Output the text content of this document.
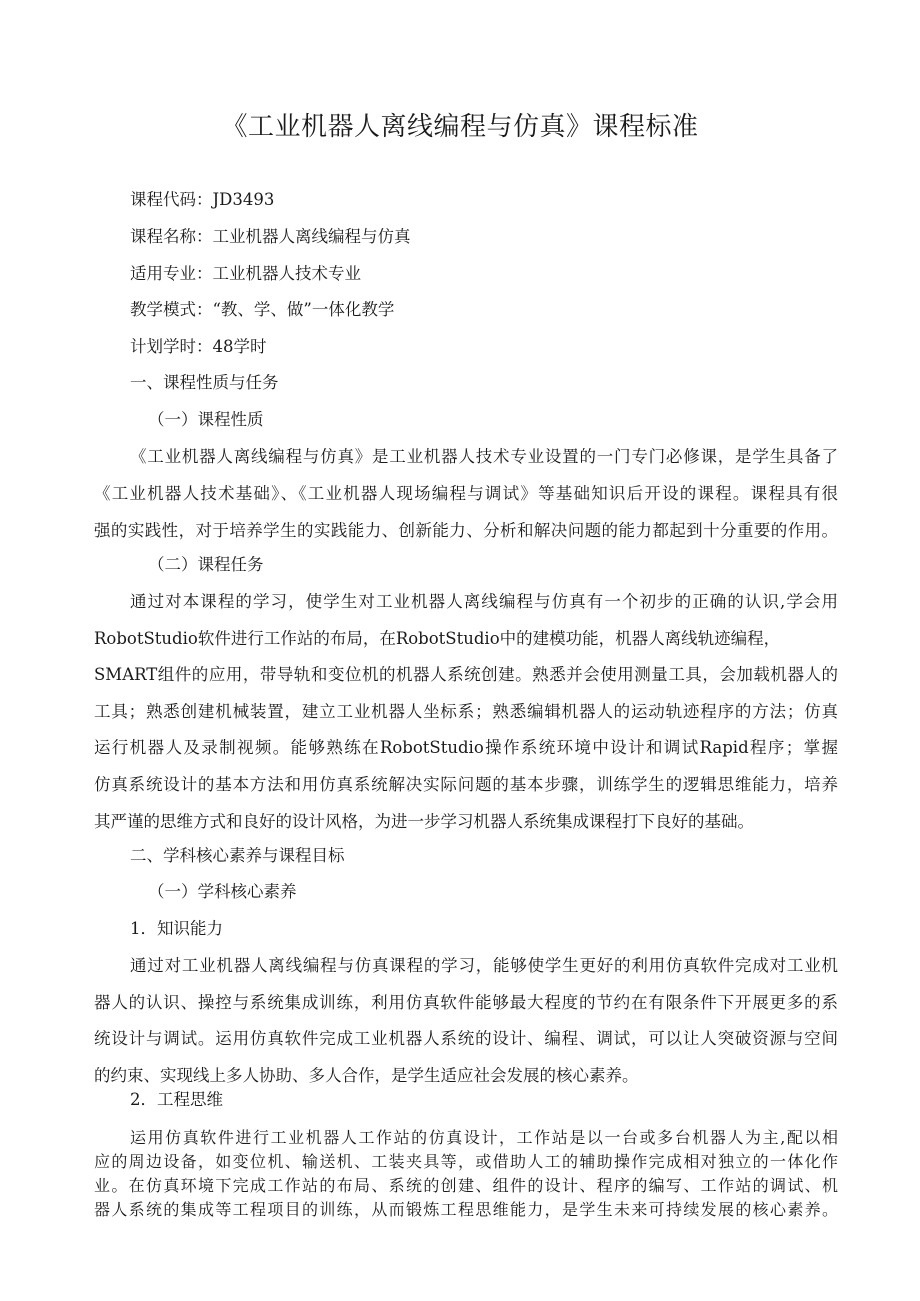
《工业机器人离线编程与仿真》课程标准
课程代码：JD3493
课程名称：工业机器人离线编程与仿真
适用专业：工业机器人技术专业
教学模式：“教、学、做”一体化教学
计划学时：48学时
一、课程性质与任务
（一）课程性质
《工业机器人离线编程与仿真》是工业机器人技术专业设置的一门专门必修课，是学生具备了
《工业机器人技术基础》、《工业机器人现场编程与调试》等基础知识后开设的课程。课程具有很
强的实践性，对于培养学生的实践能力、创新能力、分析和解决问题的能力都起到十分重要的作用。
（二）课程任务
通过对本课程的学习，使学生对工业机器人离线编程与仿真有一个初步的正确的认识,学会用
RobotStudio软件进行工作站的布局，在RobotStudio中的建模功能，机器人离线轨迹编程，
SMART组件的应用，带导轨和变位机的机器人系统创建。熟悉并会使用测量工具，会加载机器人的
工具；熟悉创建机械装置，建立工业机器人坐标系；熟悉编辑机器人的运动轨迹程序的方法；仿真
运行机器人及录制视频。能够熟练在RobotStudio操作系统环境中设计和调试Rapid程序；掌握
仿真系统设计的基本方法和用仿真系统解决实际问题的基本步骤，训练学生的逻辑思维能力，培养
其严谨的思维方式和良好的设计风格，为进一步学习机器人系统集成课程打下良好的基础。
二、学科核心素养与课程目标
（一）学科核心素养
1．知识能力
通过对工业机器人离线编程与仿真课程的学习，能够使学生更好的利用仿真软件完成对工业机
器人的认识、操控与系统集成训练，利用仿真软件能够最大程度的节约在有限条件下开展更多的系
统设计与调试。运用仿真软件完成工业机器人系统的设计、编程、调试，可以让人突破资源与空间
的约束、实现线上多人协助、多人合作，是学生适应社会发展的核心素养。
2．工程思维
运用仿真软件进行工业机器人工作站的仿真设计，工作站是以一台或多台机器人为主,配以相
应的周边设备，如变位机、输送机、工装夹具等，或借助人工的辅助操作完成相对独立的一体化作
业。在仿真环境下完成工作站的布局、系统的创建、组件的设计、程序的编写、工作站的调试、机
器人系统的集成等工程项目的训练，从而锻炼工程思维能力，是学生未来可持续发展的核心素养。
